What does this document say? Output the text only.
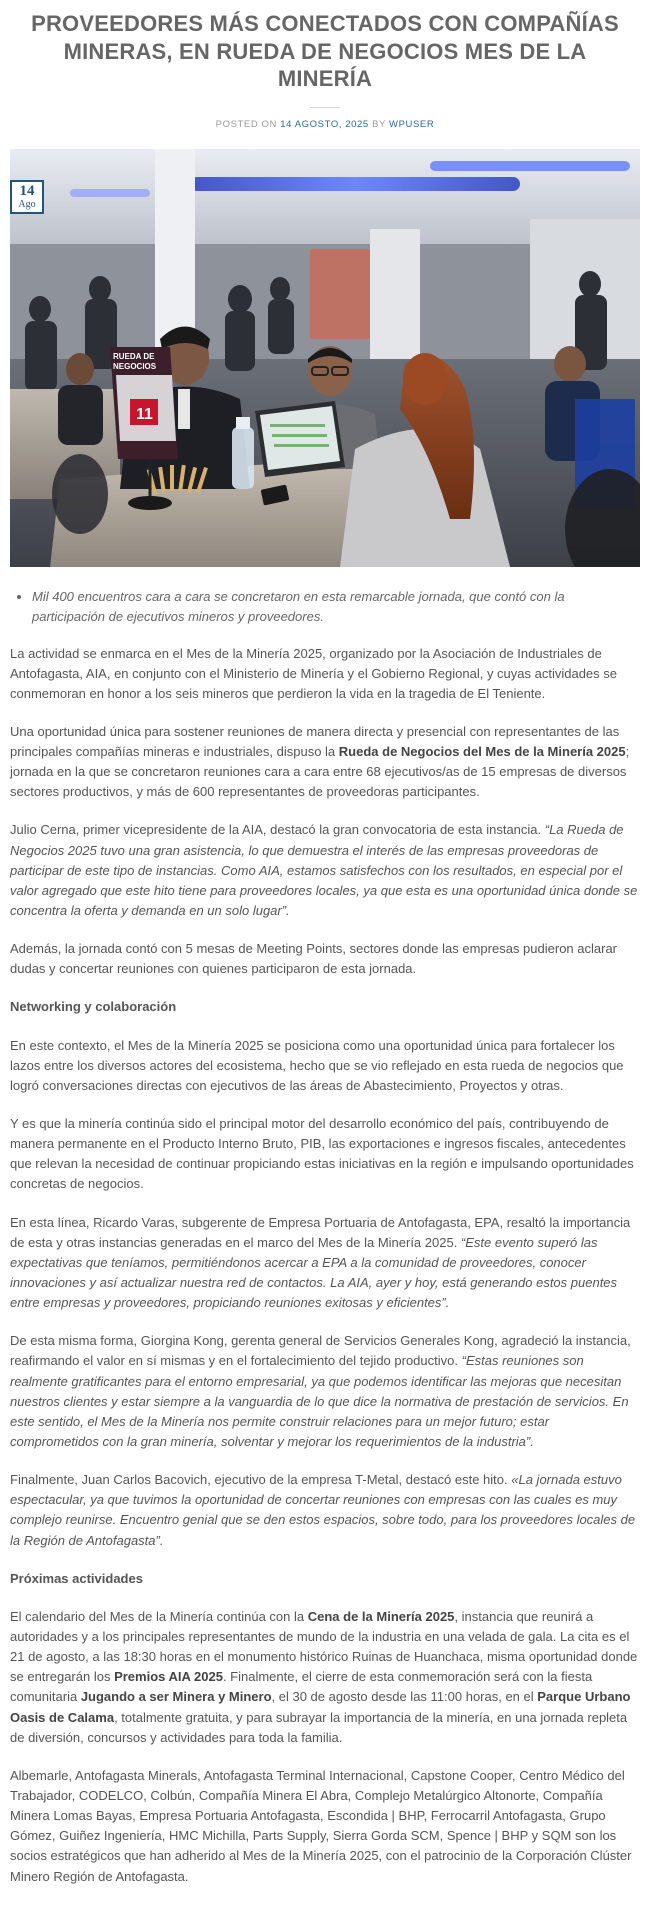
PROVEEDORES MÁS CONECTADOS CON COMPAÑÍAS MINERAS, EN RUEDA DE NEGOCIOS MES DE LA MINERÍA
POSTED ON 14 AGOSTO, 2025 BY WPUSER
RUEDA DE
NEGOCIOS
11
14
Ago
• Mil 400 encuentros cara a cara se concretaron en esta remarcable jornada, que contó con la participación de ejecutivos mineros y proveedores.

La actividad se enmarca en el Mes de la Minería 2025, organizado por la Asociación de Industriales de Antofagasta, AIA, en conjunto con el Ministerio de Minería y el Gobierno Regional, y cuyas actividades se conmemoran en honor a los seis mineros que perdieron la vida en la tragedia de El Teniente.

Una oportunidad única para sostener reuniones de manera directa y presencial con representantes de las principales compañías mineras e industriales, dispuso la Rueda de Negocios del Mes de la Minería 2025; jornada en la que se concretaron reuniones cara a cara entre 68 ejecutivos/as de 15 empresas de diversos sectores productivos, y más de 600 representantes de proveedoras participantes.

Julio Cerna, primer vicepresidente de la AIA, destacó la gran convocatoria de esta instancia. “La Rueda de Negocios 2025 tuvo una gran asistencia, lo que demuestra el interés de las empresas proveedoras de participar de este tipo de instancias. Como AIA, estamos satisfechos con los resultados, en especial por el valor agregado que este hito tiene para proveedores locales, ya que esta es una oportunidad única donde se concentra la oferta y demanda en un solo lugar”.

Además, la jornada contó con 5 mesas de Meeting Points, sectores donde las empresas pudieron aclarar dudas y concertar reuniones con quienes participaron de esta jornada.

Networking y colaboración

En este contexto, el Mes de la Minería 2025 se posiciona como una oportunidad única para fortalecer los lazos entre los diversos actores del ecosistema, hecho que se vio reflejado en esta rueda de negocios que logró conversaciones directas con ejecutivos de las áreas de Abastecimiento, Proyectos y otras.

Y es que la minería continúa sido el principal motor del desarrollo económico del país, contribuyendo de manera permanente en el Producto Interno Bruto, PIB, las exportaciones e ingresos fiscales, antecedentes que relevan la necesidad de continuar propiciando estas iniciativas en la región e impulsando oportunidades concretas de negocios.

En esta línea, Ricardo Varas, subgerente de Empresa Portuaria de Antofagasta, EPA, resaltó la importancia de esta y otras instancias generadas en el marco del Mes de la Minería 2025. “Este evento superó las expectativas que teníamos, permitiéndonos acercar a EPA a la comunidad de proveedores, conocer innovaciones y así actualizar nuestra red de contactos. La AIA, ayer y hoy, está generando estos puentes entre empresas y proveedores, propiciando reuniones exitosas y eficientes”.

De esta misma forma, Giorgina Kong, gerenta general de Servicios Generales Kong, agradeció la instancia, reafirmando el valor en sí mismas y en el fortalecimiento del tejido productivo. “Estas reuniones son realmente gratificantes para el entorno empresarial, ya que podemos identificar las mejoras que necesitan nuestros clientes y estar siempre a la vanguardia de lo que dice la normativa de prestación de servicios. En este sentido, el Mes de la Minería nos permite construir relaciones para un mejor futuro; estar comprometidos con la gran minería, solventar y mejorar los requerimientos de la industria”.

Finalmente, Juan Carlos Bacovich, ejecutivo de la empresa T-Metal, destacó este hito. «La jornada estuvo espectacular, ya que tuvimos la oportunidad de concertar reuniones con empresas con las cuales es muy complejo reunirse. Encuentro genial que se den estos espacios, sobre todo, para los proveedores locales de la Región de Antofagasta”.

Próximas actividades

El calendario del Mes de la Minería continúa con la Cena de la Minería 2025, instancia que reunirá a autoridades y a los principales representantes de mundo de la industria en una velada de gala. La cita es el 21 de agosto, a las 18:30 horas en el monumento histórico Ruinas de Huanchaca, misma oportunidad donde se entregarán los Premios AIA 2025. Finalmente, el cierre de esta conmemoración será con la fiesta comunitaria Jugando a ser Minera y Minero, el 30 de agosto desde las 11:00 horas, en el Parque Urbano Oasis de Calama, totalmente gratuita, y para subrayar la importancia de la minería, en una jornada repleta de diversión, concursos y actividades para toda la familia.

Albemarle, Antofagasta Minerals, Antofagasta Terminal Internacional, Capstone Cooper, Centro Médico del Trabajador, CODELCO, Colbún, Compañía Minera El Abra, Complejo Metalúrgico Altonorte, Compañía Minera Lomas Bayas, Empresa Portuaria Antofagasta, Escondida | BHP, Ferrocarril Antofagasta, Grupo Gómez, Guiñez Ingeniería, HMC Michilla, Parts Supply, Sierra Gorda SCM, Spence | BHP y SQM son los socios estratégicos que han adherido al Mes de la Minería 2025, con el patrocinio de la Corporación Clúster Minero Región de Antofagasta.
